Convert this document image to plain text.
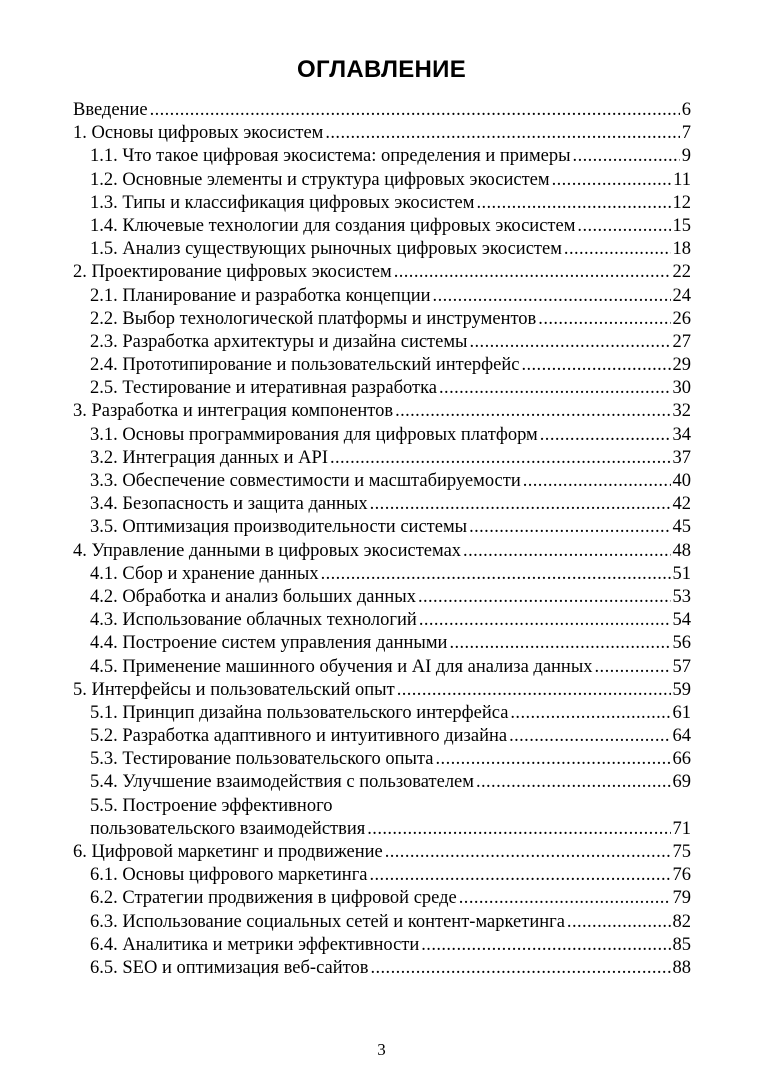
ОГЛАВЛЕНИЕ
Введение .....	6
1. Основы цифровых экосистем .....	7
1.1. Что такое цифровая экосистема: определения и примеры .....	9
1.2. Основные элементы и структура цифровых экосистем .....	11
1.3. Типы и классификация цифровых экосистем .....	12
1.4. Ключевые технологии для создания цифровых экосистем .....	15
1.5. Анализ существующих рыночных цифровых экосистем .....	18
2. Проектирование цифровых экосистем .....	22
2.1. Планирование и разработка концепции .....	24
2.2. Выбор технологической платформы и инструментов .....	26
2.3. Разработка архитектуры и дизайна системы .....	27
2.4. Прототипирование и пользовательский интерфейс .....	29
2.5. Тестирование и итеративная разработка .....	30
3. Разработка и интеграция компонентов .....	32
3.1. Основы программирования для цифровых платформ .....	34
3.2. Интеграция данных и API .....	37
3.3. Обеспечение совместимости и масштабируемости .....	40
3.4. Безопасность и защита данных .....	42
3.5. Оптимизация производительности системы .....	45
4. Управление данными в цифровых экосистемах .....	48
4.1. Сбор и хранение данных .....	51
4.2. Обработка и анализ больших данных .....	53
4.3. Использование облачных технологий .....	54
4.4. Построение систем управления данными .....	56
4.5. Применение машинного обучения и AI для анализа данных .....	57
5. Интерфейсы и пользовательский опыт .....	59
5.1. Принцип дизайна пользовательского интерфейса .....	61
5.2. Разработка адаптивного и интуитивного дизайна .....	64
5.3. Тестирование пользовательского опыта .....	66
5.4. Улучшение взаимодействия с пользователем .....	69
5.5. Построение эффективного
пользовательского взаимодействия .....	71
6. Цифровой маркетинг и продвижение .....	75
6.1. Основы цифрового маркетинга .....	76
6.2. Стратегии продвижения в цифровой среде .....	79
6.3. Использование социальных сетей и контент-маркетинга .....	82
6.4. Аналитика и метрики эффективности .....	85
6.5. SEO и оптимизация веб-сайтов .....	88
3
